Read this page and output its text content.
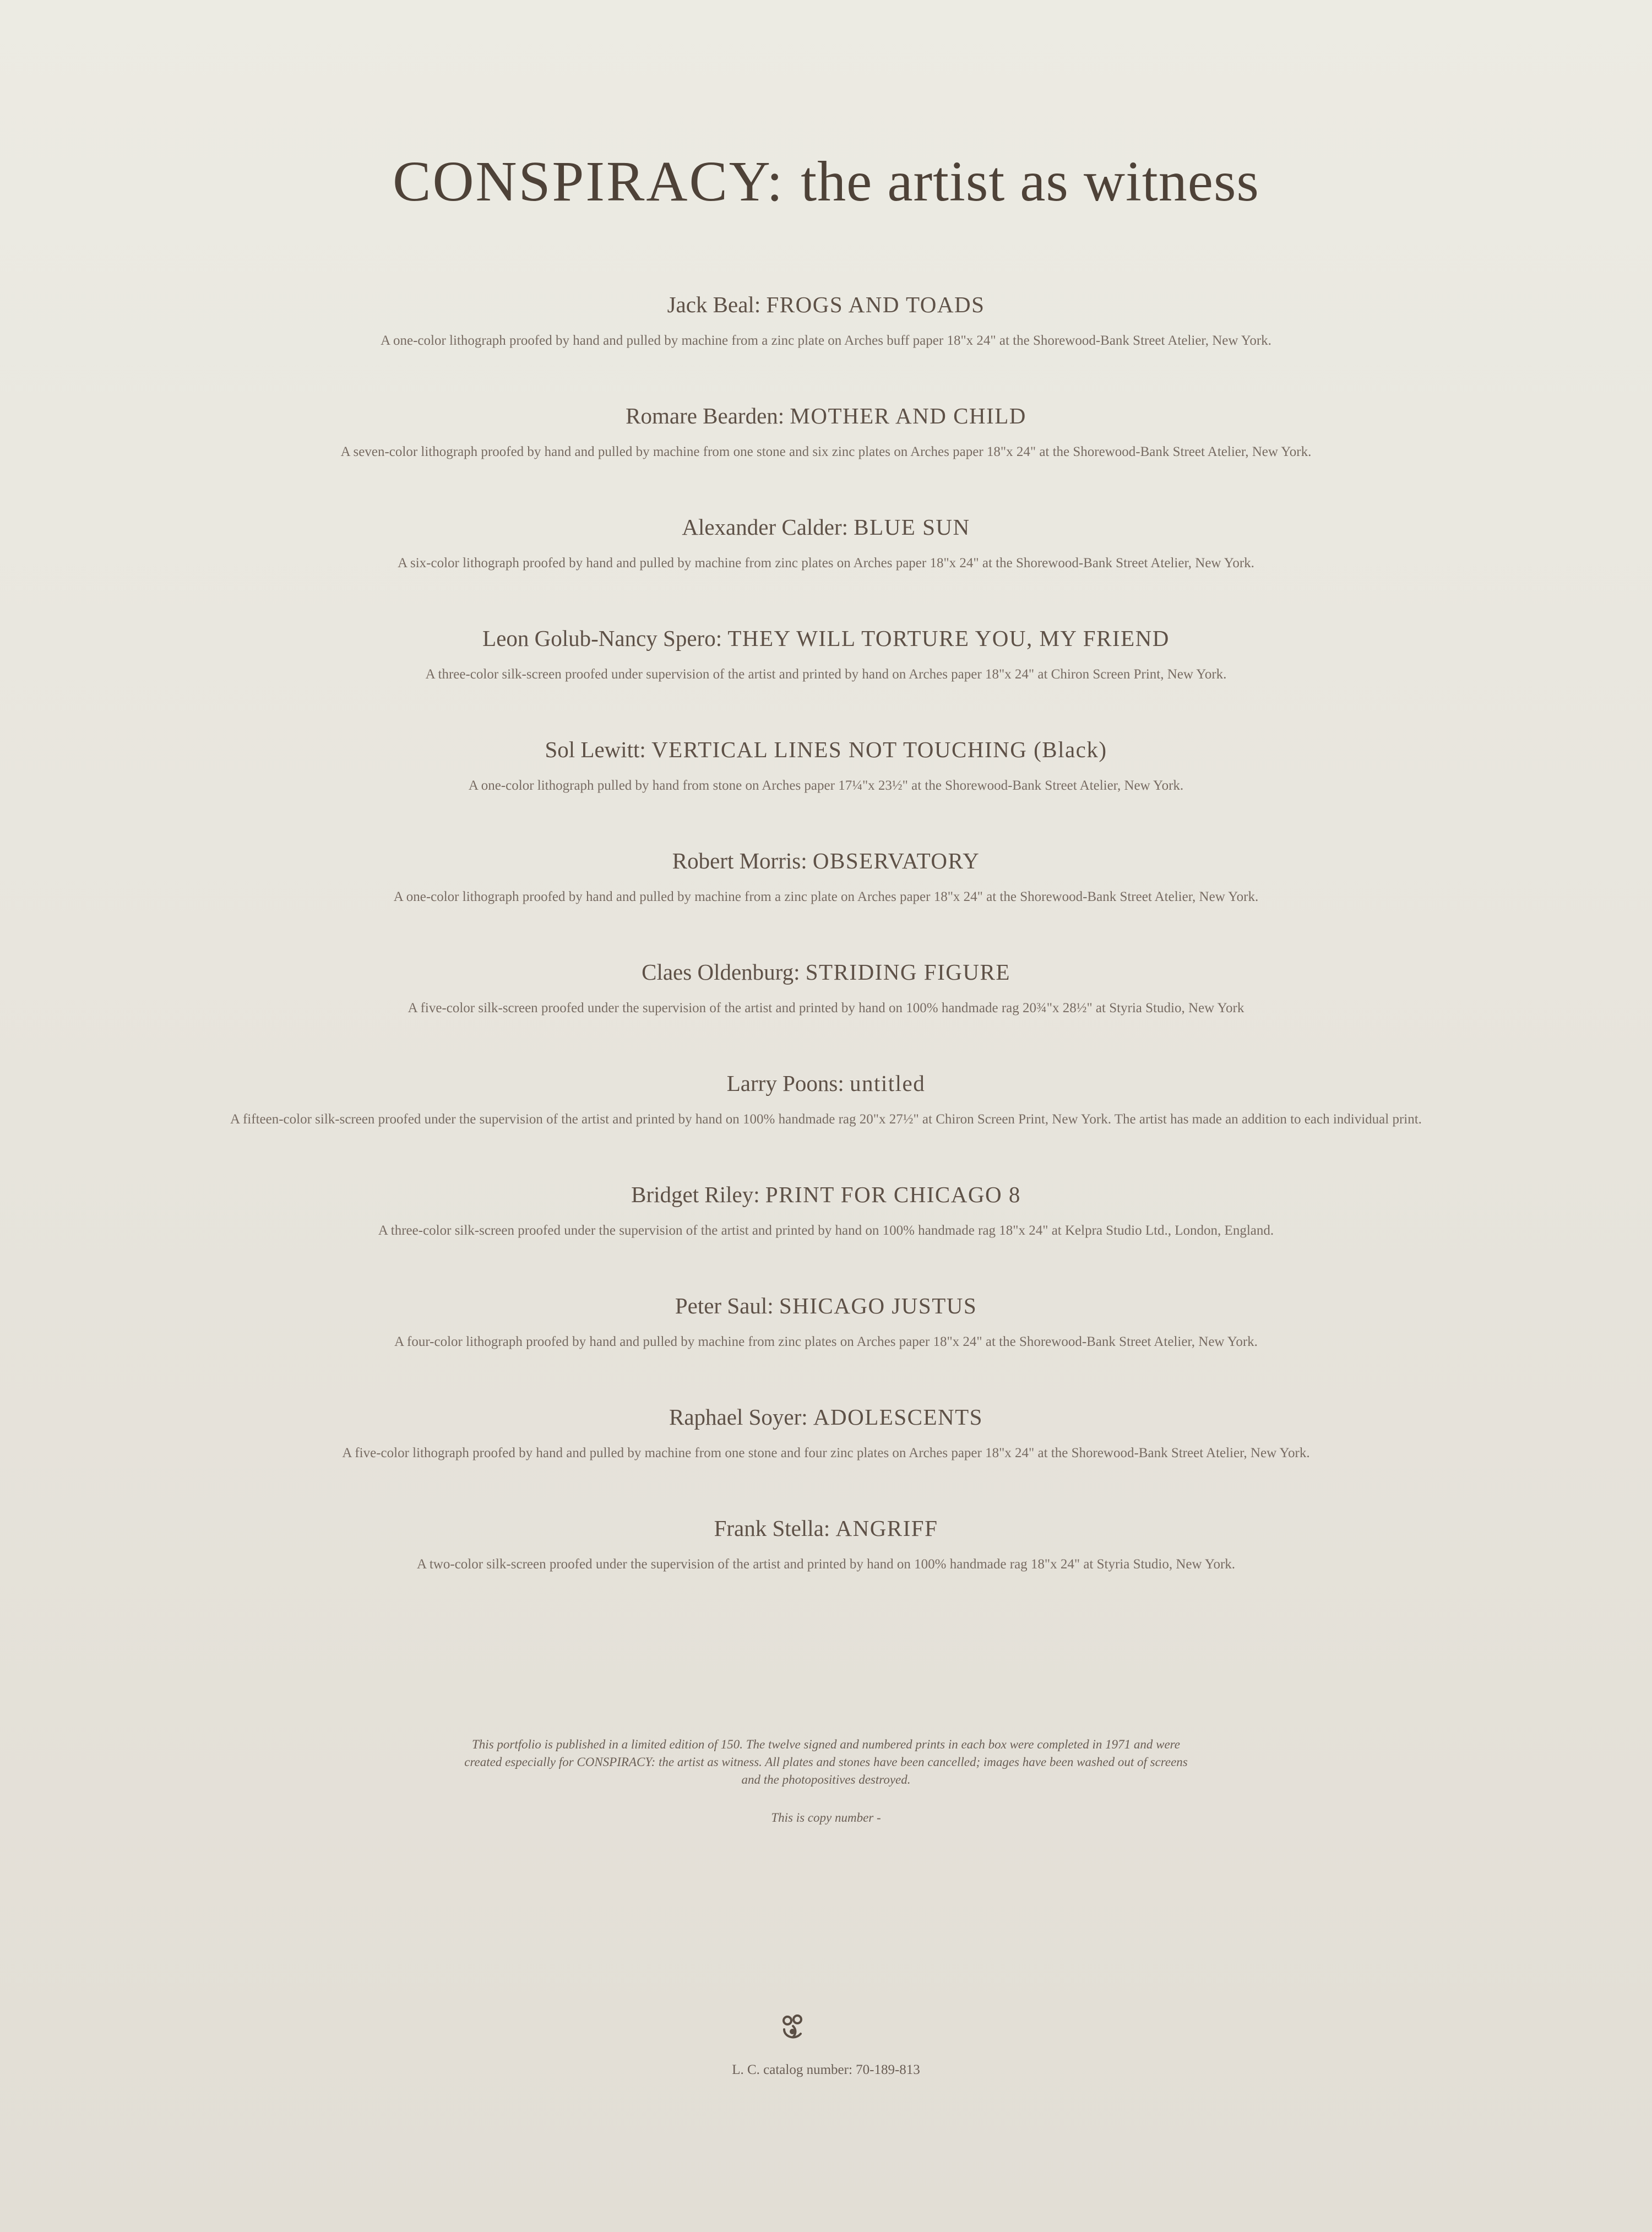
CONSPIRACY: the artist as witness
Jack Beal: FROGS AND TOADS
A one-color lithograph proofed by hand and pulled by machine from a zinc plate on Arches buff paper 18"x 24" at the Shorewood-Bank Street Atelier, New York.
Romare Bearden: MOTHER AND CHILD
A seven-color lithograph proofed by hand and pulled by machine from one stone and six zinc plates on Arches paper 18"x 24" at the Shorewood-Bank Street Atelier, New York.
Alexander Calder: BLUE SUN
A six-color lithograph proofed by hand and pulled by machine from zinc plates on Arches paper 18"x 24" at the Shorewood-Bank Street Atelier, New York.
Leon Golub-Nancy Spero: THEY WILL TORTURE YOU, MY FRIEND
A three-color silk-screen proofed under supervision of the artist and printed by hand on Arches paper 18"x 24" at Chiron Screen Print, New York.
Sol Lewitt: VERTICAL LINES NOT TOUCHING (Black)
A one-color lithograph pulled by hand from stone on Arches paper 17¼"x 23½" at the Shorewood-Bank Street Atelier, New York.
Robert Morris: OBSERVATORY
A one-color lithograph proofed by hand and pulled by machine from a zinc plate on Arches paper 18"x 24" at the Shorewood-Bank Street Atelier, New York.
Claes Oldenburg: STRIDING FIGURE
A five-color silk-screen proofed under the supervision of the artist and printed by hand on 100% handmade rag 20¾"x 28½" at Styria Studio, New York
Larry Poons: untitled
A fifteen-color silk-screen proofed under the supervision of the artist and printed by hand on 100% handmade rag 20"x 27½" at Chiron Screen Print, New York. The artist has made an addition to each individual print.
Bridget Riley: PRINT FOR CHICAGO 8
A three-color silk-screen proofed under the supervision of the artist and printed by hand on 100% handmade rag 18"x 24" at Kelpra Studio Ltd., London, England.
Peter Saul: SHICAGO JUSTUS
A four-color lithograph proofed by hand and pulled by machine from zinc plates on Arches paper 18"x 24" at the Shorewood-Bank Street Atelier, New York.
Raphael Soyer: ADOLESCENTS
A five-color lithograph proofed by hand and pulled by machine from one stone and four zinc plates on Arches paper 18"x 24" at the Shorewood-Bank Street Atelier, New York.
Frank Stella: ANGRIFF
A two-color silk-screen proofed under the supervision of the artist and printed by hand on 100% handmade rag 18"x 24" at Styria Studio, New York.
This portfolio is published in a limited edition of 150. The twelve signed and numbered prints in each box were completed in 1971 and were created especially for CONSPIRACY: the artist as witness. All plates and stones have been cancelled; images have been washed out of screens and the photopositives destroyed.
This is copy number -
L. C. catalog number: 70-189-813
